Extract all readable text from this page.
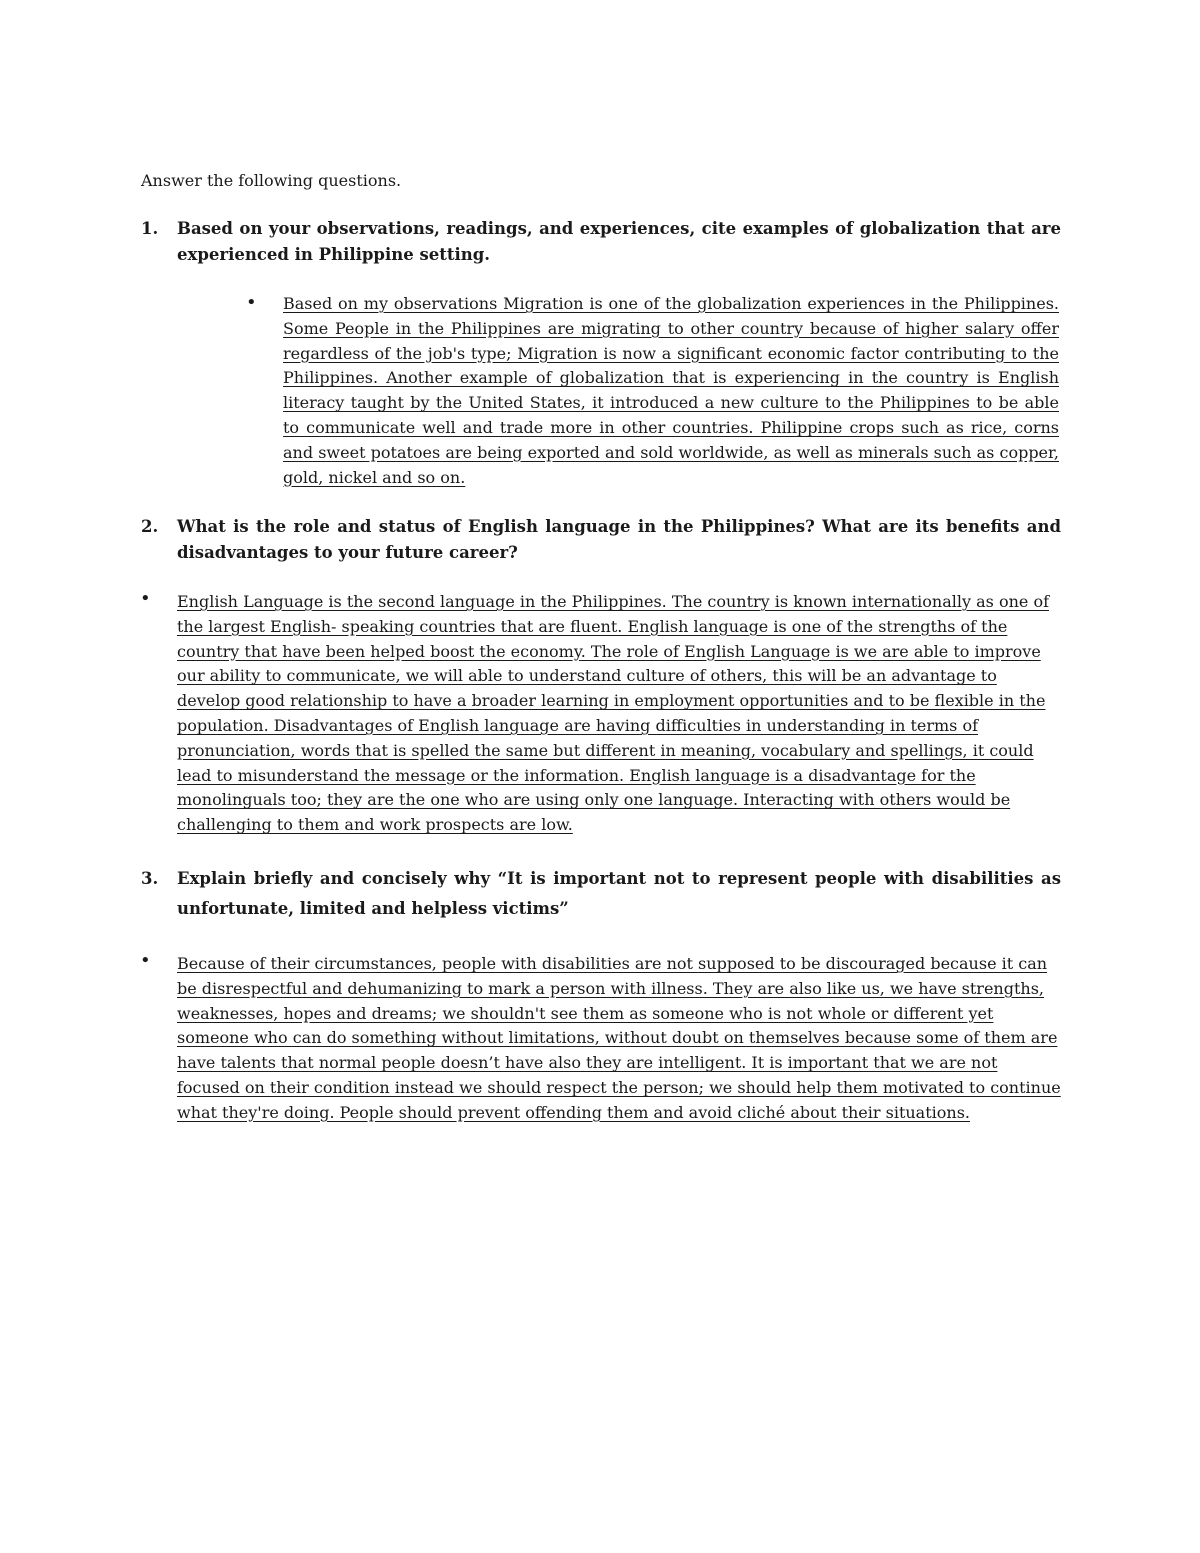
Answer the following questions.

1. Based on your observations, readings, and experiences, cite examples of globalization that are experienced in Philippine setting.
• Based on my observations Migration is one of the globalization experiences in the Philippines. Some People in the Philippines are migrating to other country because of higher salary offer regardless of the job's type; Migration is now a significant economic factor contributing to the Philippines. Another example of globalization that is experiencing in the country is English literacy taught by the United States, it introduced a new culture to the Philippines to be able to communicate well and trade more in other countries. Philippine crops such as rice, corns and sweet potatoes are being exported and sold worldwide, as well as minerals such as copper, gold, nickel and so on.

2. What is the role and status of English language in the Philippines? What are its benefits and disadvantages to your future career?
• English Language is the second language in the Philippines. The country is known internationally as one of the largest English- speaking countries that are fluent. English language is one of the strengths of the country that have been helped boost the economy. The role of English Language is we are able to improve our ability to communicate, we will able to understand culture of others, this will be an advantage to develop good relationship to have a broader learning in employment opportunities and to be flexible in the population. Disadvantages of English language are having difficulties in understanding in terms of pronunciation, words that is spelled the same but different in meaning, vocabulary and spellings, it could lead to misunderstand the message or the information. English language is a disadvantage for the monolinguals too; they are the one who are using only one language. Interacting with others would be challenging to them and work prospects are low.

3. Explain briefly and concisely why “It is important not to represent people with disabilities as unfortunate, limited and helpless victims”
• Because of their circumstances, people with disabilities are not supposed to be discouraged because it can be disrespectful and dehumanizing to mark a person with illness. They are also like us, we have strengths, weaknesses, hopes and dreams; we shouldn't see them as someone who is not whole or different yet someone who can do something without limitations, without doubt on themselves because some of them are have talents that normal people doesn’t have also they are intelligent. It is important that we are not focused on their condition instead we should respect the person; we should help them motivated to continue what they're doing. People should prevent offending them and avoid cliché about their situations.
